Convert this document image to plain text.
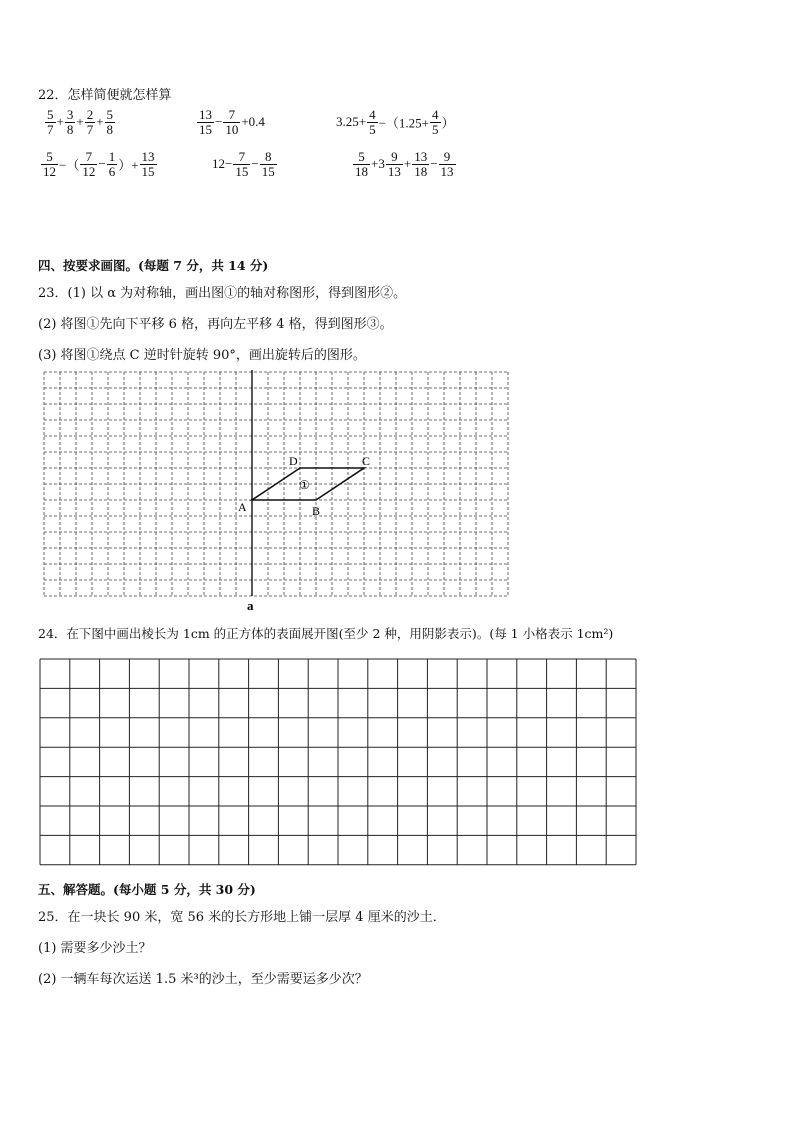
22．怎样简便就怎样算
$\frac{5}{7} + \frac{3}{8} + \frac{2}{7} + \frac{5}{8}$	$\frac{13}{15} - \frac{7}{10} +0.4$	$3.25+ \frac{4}{5} -(1.25+ \frac{4}{5}$ ）
$\frac{5}{12}$ −（ $\frac{7}{12} - \frac{1}{6}$ ）+ $\frac{13}{15}$	$12- \frac{7}{15} - \frac{8}{15}$	$\frac{5}{18} +3 \frac{9}{13} + \frac{13}{18} - \frac{9}{13}$
四、按要求画图。(每题 7 分，共 14 分)
23．(1) 以 α 为对称轴，画出图①的轴对称图形，得到图形②。
(2) 将图①先向下平移 6 格，再向左平移 4 格，得到图形③。
(3) 将图①绕点 C 逆时针旋转 90°，画出旋转后的图形。
A	B
C
D
①
a
24．在下图中画出棱长为 1cm 的正方体的表面展开图(至少 2 种，用阴影表示)。(每 1 小格表示 1cm²)
五、解答题。(每小题 5 分，共 30 分)
25．在一块长 90 米，宽 56 米的长方形地上铺一层厚 4 厘米的沙土．
(1) 需要多少沙土？
(2) 一辆车每次运送 1.5 米³的沙土，至少需要运多少次？
